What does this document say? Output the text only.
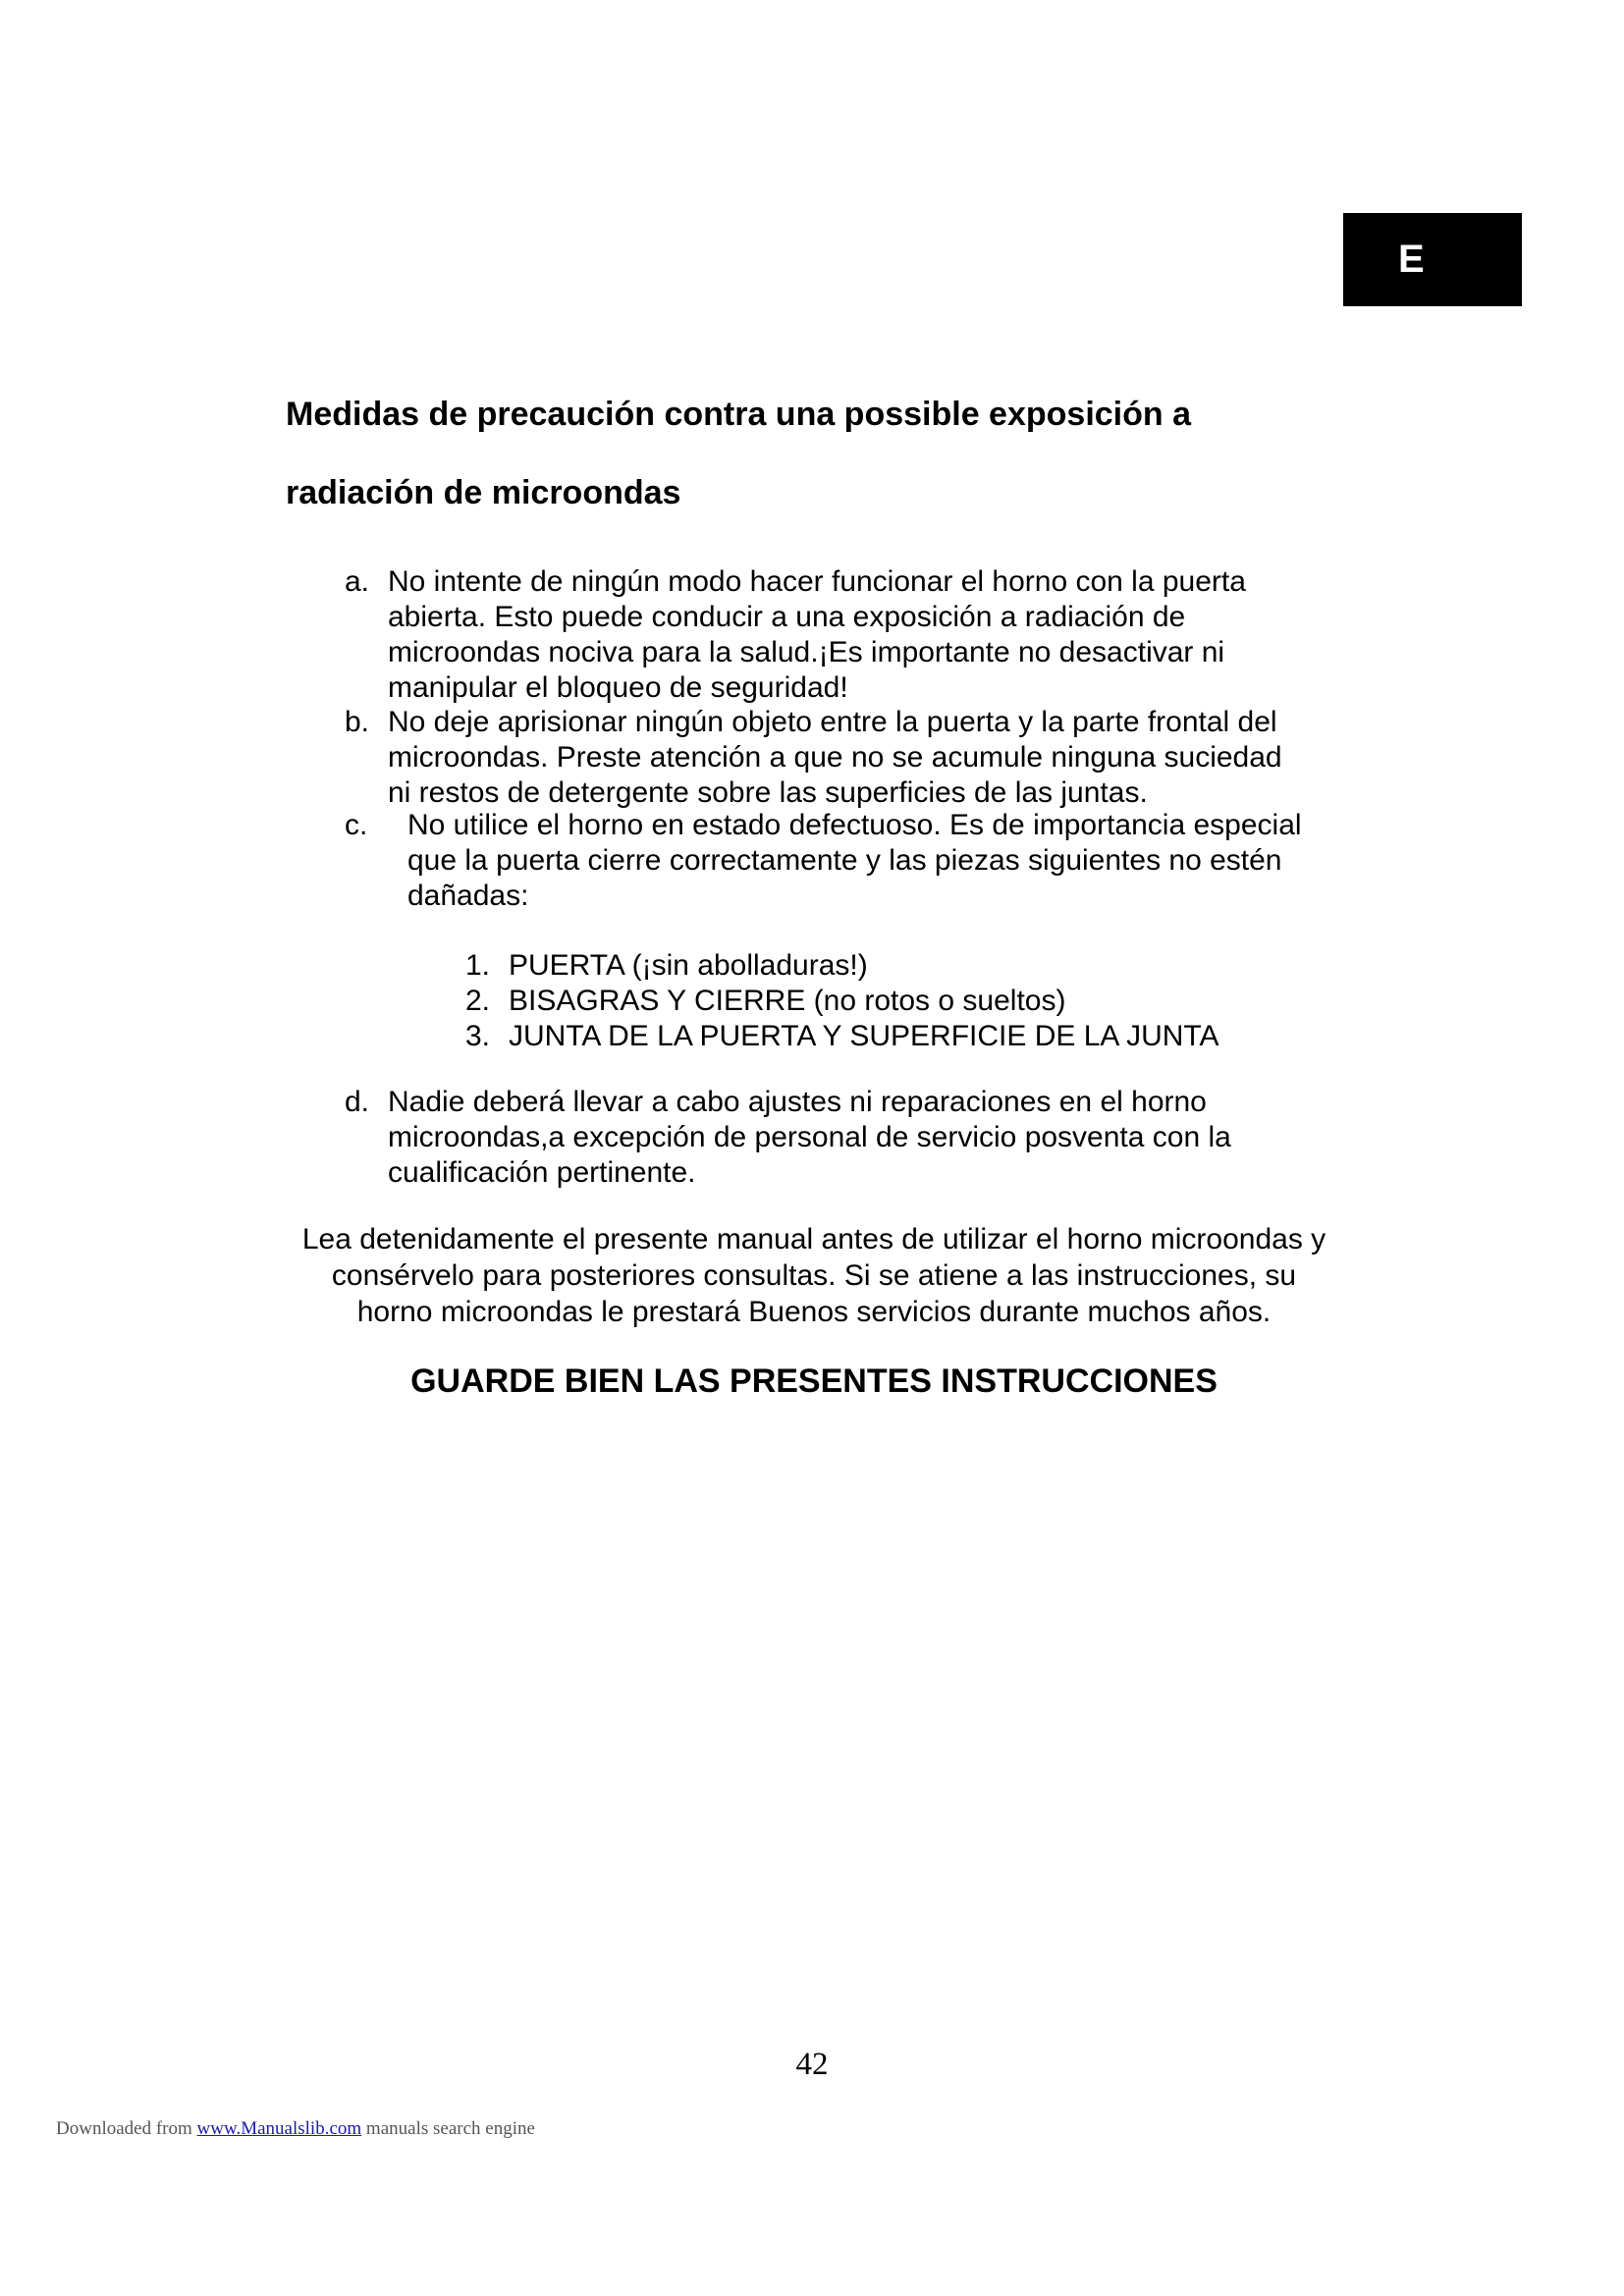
E
Medidas de precaución contra una possible exposición a
radiación de microondas
a. No intente de ningún modo hacer funcionar el horno con la puerta
abierta. Esto puede conducir a una exposición a radiación de
microondas nociva para la salud.¡Es importante no desactivar ni
manipular el bloqueo de seguridad!
b. No deje aprisionar ningún objeto entre la puerta y la parte frontal del
microondas. Preste atención a que no se acumule ninguna suciedad
ni restos de detergente sobre las superficies de las juntas.
c. No utilice el horno en estado defectuoso. Es de importancia especial
que la puerta cierre correctamente y las piezas siguientes no estén
dañadas:
1. PUERTA (¡sin abolladuras!)
2. BISAGRAS Y CIERRE (no rotos o sueltos)
3. JUNTA DE LA PUERTA Y SUPERFICIE DE LA JUNTA
d. Nadie deberá llevar a cabo ajustes ni reparaciones en el horno
microondas,a excepción de personal de servicio posventa con la
cualificación pertinente.
Lea detenidamente el presente manual antes de utilizar el horno microondas y
consérvelo para posteriores consultas. Si se atiene a las instrucciones, su
horno microondas le prestará Buenos servicios durante muchos años.
GUARDE BIEN LAS PRESENTES INSTRUCCIONES
42
Downloaded from www.Manualslib.com manuals search engine
